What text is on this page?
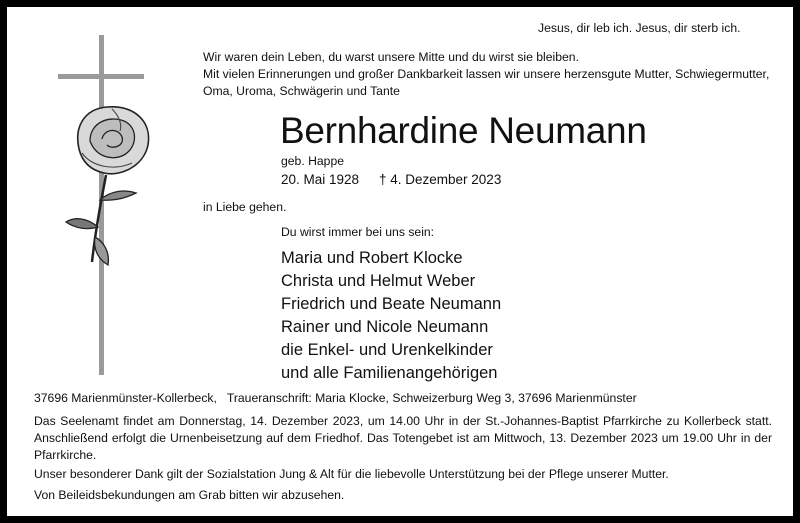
Jesus, dir leb ich. Jesus, dir sterb ich.
Wir waren dein Leben, du warst unsere Mitte und du wirst sie bleiben.
Mit vielen Erinnerungen und großer Dankbarkeit lassen wir unsere herzensgute Mutter, Schwiegermutter,
Oma, Uroma, Schwägerin und Tante
Bernhardine Neumann
geb. Happe
20. Mai 1928 † 4. Dezember 2023
in Liebe gehen.
Du wirst immer bei uns sein:
Maria und Robert Klocke
Christa und Helmut Weber
Friedrich und Beate Neumann
Rainer und Nicole Neumann
die Enkel- und Urenkelkinder
und alle Familienangehörigen
37696 Marienmünster-Kollerbeck,   Traueranschrift: Maria Klocke, Schweizerburg Weg 3, 37696 Marienmünster
Das Seelenamt findet am Donnerstag, 14. Dezember 2023, um 14.00 Uhr in der St.-Johannes-Baptist Pfarrkirche zu Kollerbeck statt. Anschließend erfolgt die Urnenbeisetzung auf dem Friedhof. Das Totengebet ist am Mittwoch, 13. Dezember 2023 um 19.00 Uhr in der Pfarrkirche.
Unser besonderer Dank gilt der Sozialstation Jung & Alt für die liebevolle Unterstützung bei der Pflege unserer Mutter.
Von Beileidsbekundungen am Grab bitten wir abzusehen.
